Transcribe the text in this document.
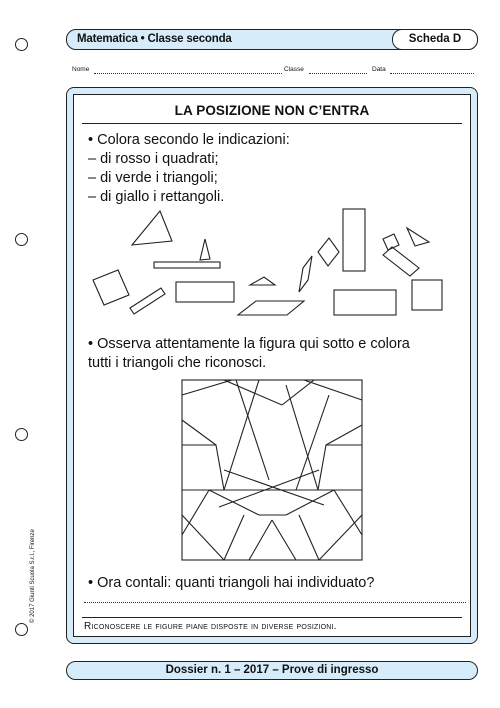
Matematica • Classe seconda	Scheda D
Nome	Classe	Data
LA POSIZIONE NON C’ENTRA
• Colora secondo le indicazioni:
– di rosso i quadrati;
– di verde i triangoli;
– di giallo i rettangoli.
• Osserva attentamente la figura qui sotto e colora
tutti i triangoli che riconosci.
• Ora contali: quanti triangoli hai individuato?
Riconoscere le figure piane disposte in diverse posizioni.
© 2017 Giunti Scuola S.r.l., Firenze
Dossier n. 1 – 2017 – Prove di ingresso
